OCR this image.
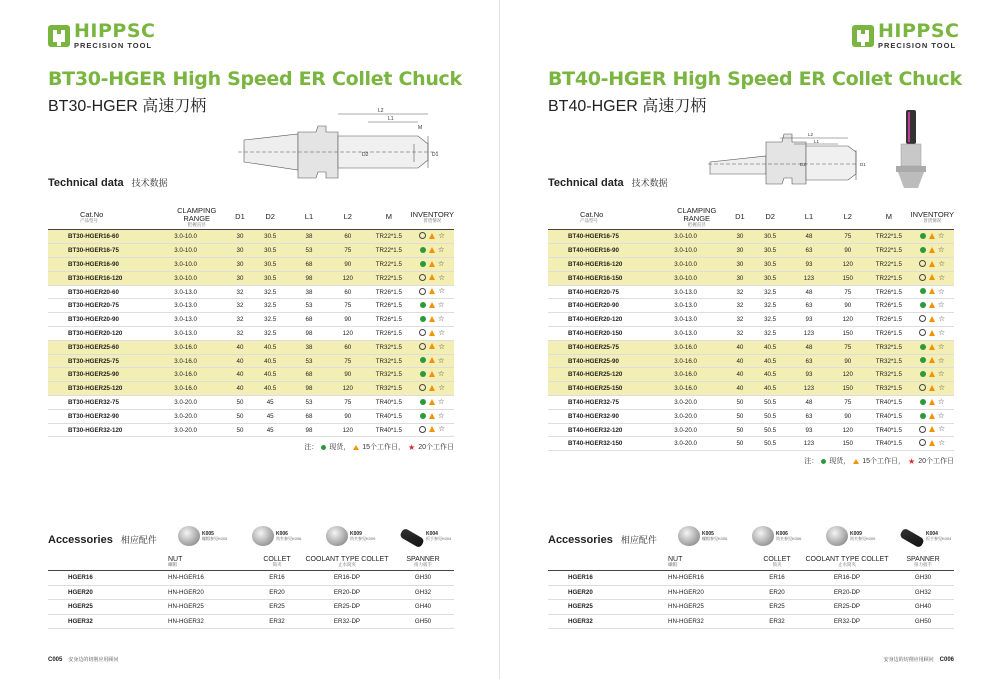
HIPPSC
PRECISION TOOL
BT30-HGER High Speed ER Collet Chuck
BT30-HGER 高速刀柄	L2
L1
M
D1
D2
Technical data 技术数据
Cat.No
产品型号	CLAMPING RANGE
把握直径	D1	D2	L1	L2	M	INVENTORY
普货情况

BT30-HGER16-60	3.0-10.0	30	30.5	38	60	TR22*1.5	☆

BT30-HGER16-75	3.0-10.0	30	30.5	53	75	TR22*1.5	☆

BT30-HGER16-90	3.0-10.0	30	30.5	68	90	TR22*1.5	☆

BT30-HGER16-120	3.0-10.0	30	30.5	98	120	TR22*1.5	☆

BT30-HGER20-60	3.0-13.0	32	32.5	38	60	TR26*1.5	☆

BT30-HGER20-75	3.0-13.0	32	32.5	53	75	TR26*1.5	☆

BT30-HGER20-90	3.0-13.0	32	32.5	68	90	TR26*1.5	☆

BT30-HGER20-120	3.0-13.0	32	32.5	98	120	TR26*1.5	☆

BT30-HGER25-60	3.0-16.0	40	40.5	38	60	TR32*1.5	☆

BT30-HGER25-75	3.0-16.0	40	40.5	53	75	TR32*1.5	☆

BT30-HGER25-90	3.0-16.0	40	40.5	68	90	TR32*1.5	☆

BT30-HGER25-120	3.0-16.0	40	40.5	98	120	TR32*1.5	☆

BT30-HGER32-75	3.0-20.0	50	45	53	75	TR40*1.5	☆

BT30-HGER32-90	3.0-20.0	50	45	68	90	TR40*1.5	☆

BT30-HGER32-120	3.0-20.0	50	45	98	120	TR40*1.5	☆
注： 现货， 15个工作日， ★ 20个工作日
Accessories 相应配件
K005
螺帽参见K005
K006
筒夹参见K006
K009
筒夹参见K009
K004
扳手参见K004
	NUT
螺帽	COLLET
筒夹	COOLANT TYPE COLLET
止水筒夹	SPANNER
扭力扳手

HGER16	HN-HGER16	ER16	ER16-DP	GH30
HGER20	HN-HGER20	ER20	ER20-DP	GH32
HGER25	HN-HGER25	ER25	ER25-DP	GH40
HGER32	HN-HGER32	ER32	ER32-DP	GH50
C005 安身边的切削应用顾问
HIPPSC
PRECISION TOOL
BT40-HGER High Speed ER Collet Chuck
BT40-HGER 高速刀柄
L2
L1
D1
D2
Technical data 技术数据
Cat.No
产品型号	CLAMPING RANGE
把握直径	D1	D2	L1	L2	M	INVENTORY
普货情况

BT40-HGER16-75	3.0-10.0	30	30.5	48	75	TR22*1.5	☆

BT40-HGER16-90	3.0-10.0	30	30.5	63	90	TR22*1.5	☆

BT40-HGER16-120	3.0-10.0	30	30.5	93	120	TR22*1.5	☆

BT40-HGER16-150	3.0-10.0	30	30.5	123	150	TR22*1.5	☆

BT40-HGER20-75	3.0-13.0	32	32.5	48	75	TR26*1.5	☆

BT40-HGER20-90	3.0-13.0	32	32.5	63	90	TR26*1.5	☆

BT40-HGER20-120	3.0-13.0	32	32.5	93	120	TR26*1.5	☆

BT40-HGER20-150	3.0-13.0	32	32.5	123	150	TR26*1.5	☆

BT40-HGER25-75	3.0-16.0	40	40.5	48	75	TR32*1.5	☆

BT40-HGER25-90	3.0-16.0	40	40.5	63	90	TR32*1.5	☆

BT40-HGER25-120	3.0-16.0	40	40.5	93	120	TR32*1.5	☆

BT40-HGER25-150	3.0-16.0	40	40.5	123	150	TR32*1.5	☆

BT40-HGER32-75	3.0-20.0	50	50.5	48	75	TR40*1.5	☆

BT40-HGER32-90	3.0-20.0	50	50.5	63	90	TR40*1.5	☆

BT40-HGER32-120	3.0-20.0	50	50.5	93	120	TR40*1.5	☆

BT40-HGER32-150	3.0-20.0	50	50.5	123	150	TR40*1.5	☆
注： 现货， 15个工作日， ★ 20个工作日
Accessories 相应配件
K005
螺帽参见K005
K006
筒夹参见K006
K009
筒夹参见K009
K004
扳手参见K004
	NUT
螺帽	COLLET
筒夹	COOLANT TYPE COLLET
止水筒夹	SPANNER
扭力扳手

HGER16	HN-HGER16	ER16	ER16-DP	GH30
HGER20	HN-HGER20	ER20	ER20-DP	GH32
HGER25	HN-HGER25	ER25	ER25-DP	GH40
HGER32	HN-HGER32	ER32	ER32-DP	GH50
安身边的切削应用顾问 C006
